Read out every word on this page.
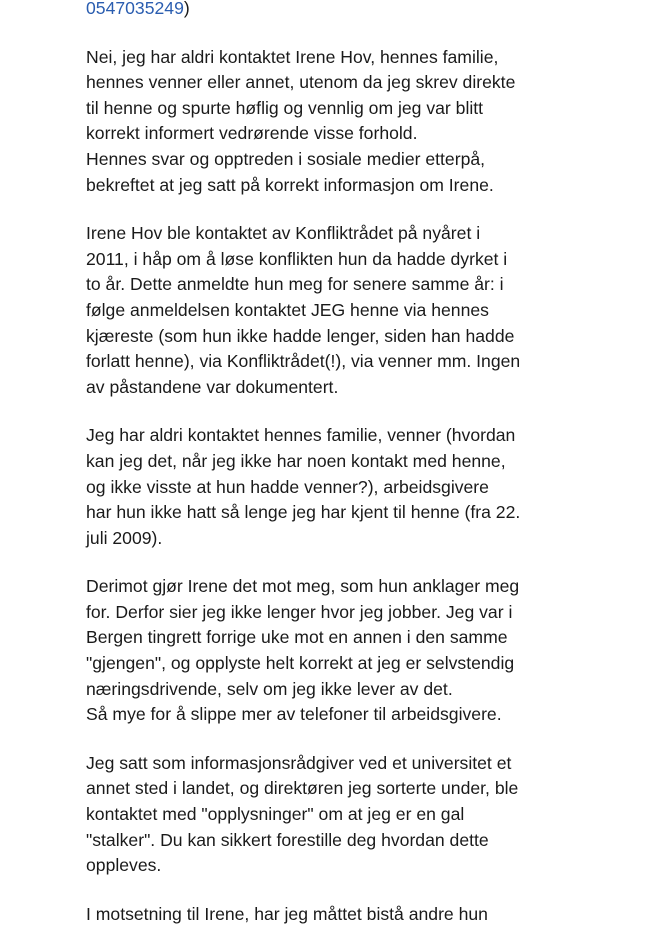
0547035249)
Nei, jeg har aldri kontaktet Irene Hov, hennes familie,
hennes venner eller annet, utenom da jeg skrev direkte
til henne og spurte høflig og vennlig om jeg var blitt
korrekt informert vedrørende visse forhold.
Hennes svar og opptreden i sosiale medier etterpå,
bekreftet at jeg satt på korrekt informasjon om Irene.
Irene Hov ble kontaktet av Konfliktrådet på nyåret i
2011, i håp om å løse konflikten hun da hadde dyrket i
to år. Dette anmeldte hun meg for senere samme år: i
følge anmeldelsen kontaktet JEG henne via hennes
kjæreste (som hun ikke hadde lenger, siden han hadde
forlatt henne), via Konfliktrådet(!), via venner mm. Ingen
av påstandene var dokumentert.
Jeg har aldri kontaktet hennes familie, venner (hvordan
kan jeg det, når jeg ikke har noen kontakt med henne,
og ikke visste at hun hadde venner?), arbeidsgivere
har hun ikke hatt så lenge jeg har kjent til henne (fra 22.
juli 2009).
Derimot gjør Irene det mot meg, som hun anklager meg
for. Derfor sier jeg ikke lenger hvor jeg jobber. Jeg var i
Bergen tingrett forrige uke mot en annen i den samme
"gjengen", og opplyste helt korrekt at jeg er selvstendig
næringsdrivende, selv om jeg ikke lever av det.
Så mye for å slippe mer av telefoner til arbeidsgivere.
Jeg satt som informasjonsrådgiver ved et universitet et
annet sted i landet, og direktøren jeg sorterte under, ble
kontaktet med "opplysninger" om at jeg er en gal
"stalker". Du kan sikkert forestille deg hvordan dette
oppleves.
I motsetning til Irene, har jeg måttet bistå andre hun
